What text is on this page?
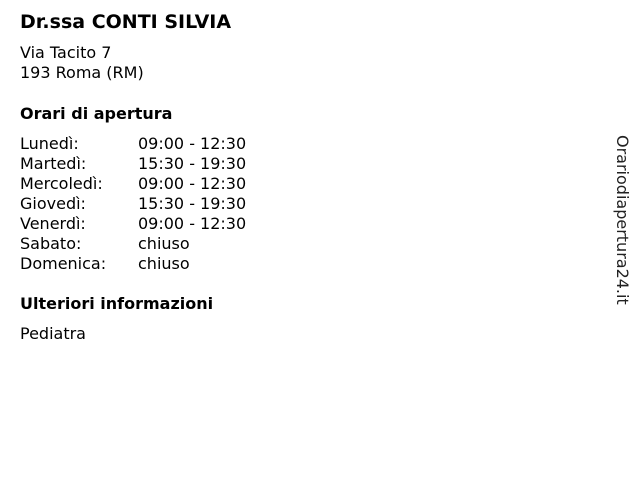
Dr.ssa CONTI SILVIA
Via Tacito 7
193 Roma (RM)
Orari di apertura
Lunedì:	09:00 - 12:30
Martedì:	15:30 - 19:30
Mercoledì:	09:00 - 12:30
Giovedì:	15:30 - 19:30
Venerdì:	09:00 - 12:30
Sabato:	chiuso
Domenica:	chiuso
Ulteriori informazioni
Pediatra
Orariodiapertura24.it
